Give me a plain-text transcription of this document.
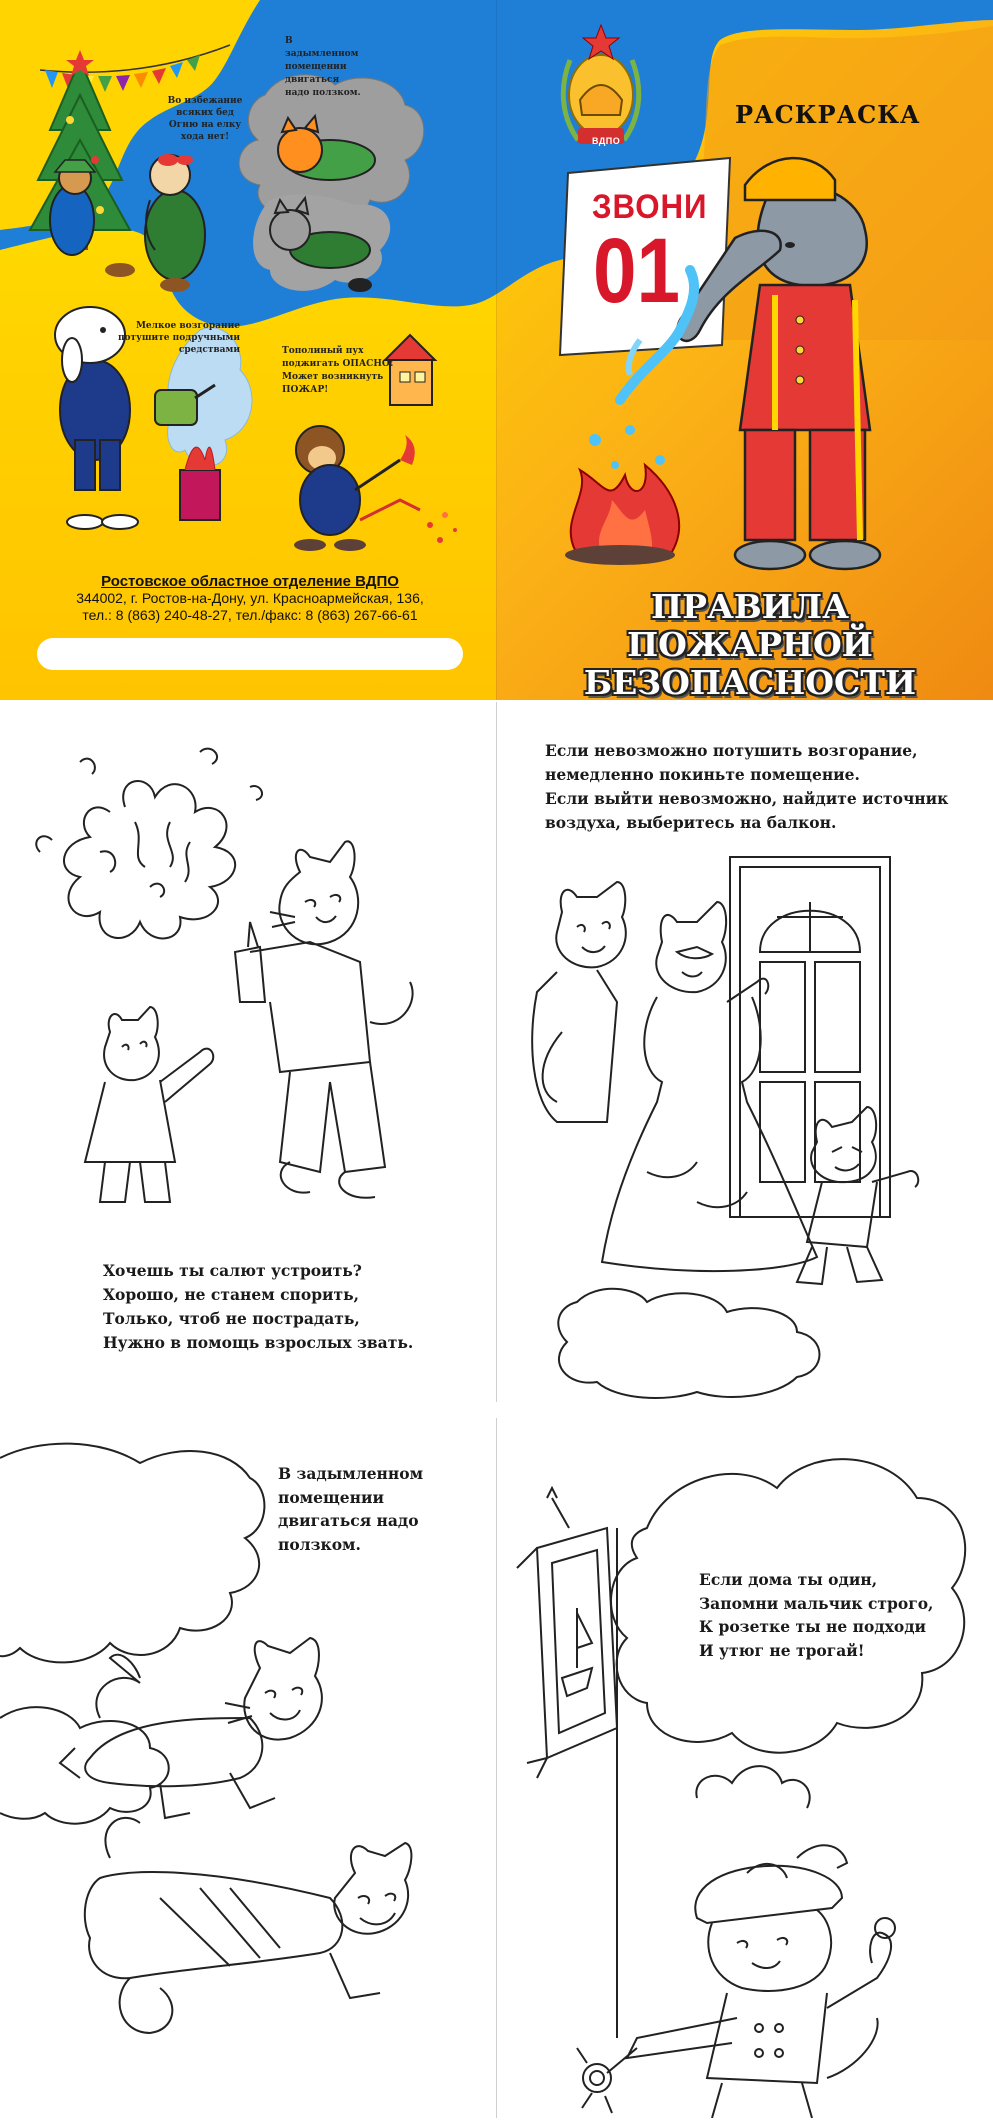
Во избежание всяких бед Огню на елку хода нет!
В задымленном помещении двигаться надо ползком.
Мелкое возгорание потушите подручными средствами	Тополиный пух поджигать ОПАСНО! Может возникнуть ПОЖАР!
Ростовское областное отделение ВДПО
344002, г. Ростов-на-Дону, ул. Красноармейская, 136,
тел.: 8 (863) 240-48-27, тел./факс: 8 (863) 267-66-61
ВДПО
РАСКРАСКА
ЗВОНИ
01
ПРАВИЛА ПОЖАРНОЙ
БЕЗОПАСНОСТИ
Хочешь ты салют устроить?
Хорошо, не станем спорить,
Только, чтоб не пострадать,
Нужно в помощь взрослых звать.
Если невозможно потушить возгорание,
немедленно покиньте помещение.
Если выйти невозможно, найдите источник
воздуха, выберитесь на балкон.
В задымленном
помещении
двигаться надо
ползком.
Если дома ты один,
Запомни мальчик строго,
К розетке ты не подходи
И утюг не трогай!
